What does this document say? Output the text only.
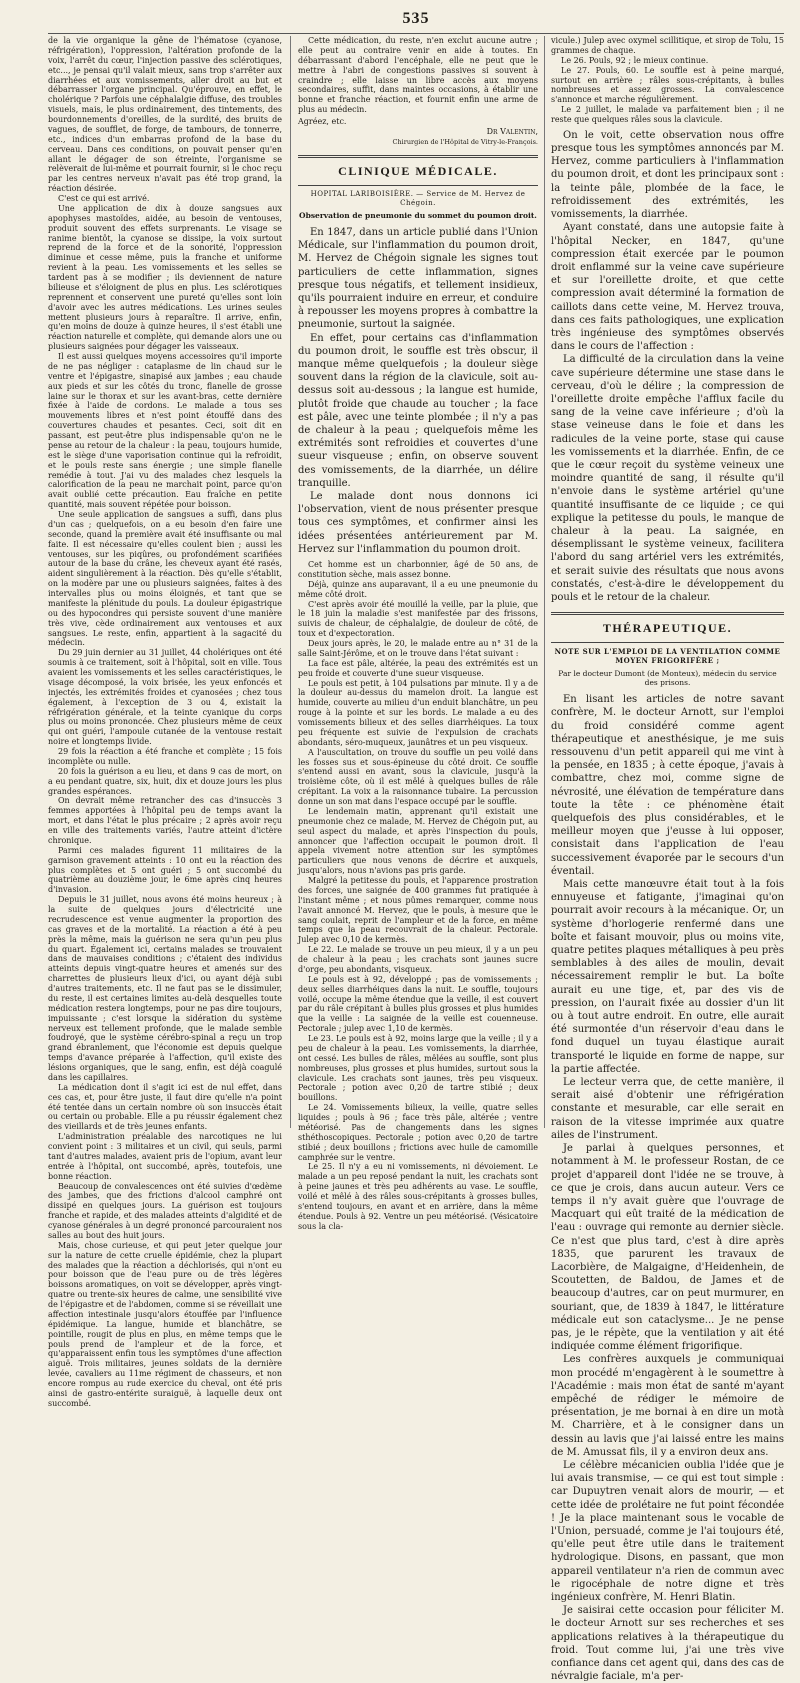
535

de la vie organique la gêne de l'hématose (cyanose, réfrigération), l'oppression, l'altération profonde de la voix, l'arrêt du cœur, l'injection passive des sclérotiques, etc..., je pensai qu'il valait mieux, sans trop s'arrêter aux diarrhées et aux vomissements, aller droit au but et débarrasser l'organe principal. Qu'éprouve, en effet, le cholérique ? Parfois une céphalalgie diffuse, des troubles visuels, mais, le plus ordinairement, des tintements, des bourdonnements d'oreilles, de la surdité, des bruits de vagues, de soufflet, de forge, de tambours, de tonnerre, etc., indices d'un embarras profond de la base du cerveau. Dans ces conditions, on pouvait penser qu'en allant le dégager de son étreinte, l'organisme se relèverait de lui-même et pourrait fournir, si le choc reçu par les centres nerveux n'avait pas été trop grand, la réaction désirée.

C'est ce qui est arrivé.

Une application de dix à douze sangsues aux apophyses mastoïdes, aidée, au besoin de ventouses, produit souvent des effets surprenants. Le visage se ranime bientôt, la cyanose se dissipe, la voix surtout reprend de la force et de la sonorité, l'oppression diminue et cesse même, puis la franche et uniforme revient à la peau. Les vomissements et les selles se tardent pas à se modifier ; ils deviennent de nature bilieuse et s'éloignent de plus en plus. Les sclérotiques reprennent et conservent une pureté qu'elles sont loin d'avoir avec les autres médications. Les urines seules mettent plusieurs jours à reparaître. Il arrive, enfin, qu'en moins de douze à quinze heures, il s'est établi une réaction naturelle et complète, qui demande alors une ou plusieurs saignées pour dégager les vaisseaux.

Il est aussi quelques moyens accessoires qu'il importe de ne pas négliger : cataplasme de lin chaud sur le ventre et l'épigastre, sinapisé aux jambes ; eau chaude aux pieds et sur les côtés du tronc, flanelle de grosse laine sur le thorax et sur les avant-bras, cette dernière fixée à l'aide de cordons. Le malade a tous ses mouvements libres et n'est point étouffé dans des couvertures chaudes et pesantes. Ceci, soit dit en passant, est peut-être plus indispensable qu'on ne le pense au retour de la chaleur : la peau, toujours humide, est le siège d'une vaporisation continue qui la refroidit, et le pouls reste sans énergie ; une simple flanelle remédie à tout. J'ai vu des malades chez lesquels la calorification de la peau ne marchait point, parce qu'on avait oublié cette précaution. Eau fraîche en petite quantité, mais souvent répétée pour boisson.

Une seule application de sangsues a suffi, dans plus d'un cas ; quelquefois, on a eu besoin d'en faire une seconde, quand la première avait été insuffisante ou mal faite. Il est nécessaire qu'elles coulent bien ; aussi les ventouses, sur les piqûres, ou profondément scarifiées autour de la base du crâne, les cheveux ayant été rasés, aident singulièrement à la réaction. Dès qu'elle s'établit, on la modère par une ou plusieurs saignées, faites à des intervalles plus ou moins éloignés, et tant que se manifeste la plénitude du pouls. La douleur épigastrique ou des hypocondres qui persiste souvent d'une manière très vive, cède ordinairement aux ventouses et aux sangsues. Le reste, enfin, appartient à la sagacité du médecin.

Du 29 juin dernier au 31 juillet, 44 cholériques ont été soumis à ce traitement, soit à l'hôpital, soit en ville. Tous avaient les vomissements et les selles caractéristiques, le visage décomposé, la voix brisée, les yeux enfoncés et injectés, les extrémités froides et cyanosées ; chez tous également, à l'exception de 3 ou 4, existait la réfrigération générale, et la teinte cyanique du corps plus ou moins prononcée. Chez plusieurs même de ceux qui ont guéri, l'ampoule cutanée de la ventouse restait noire et longtemps livide.

29 fois la réaction a été franche et complète ; 15 fois incomplète ou nulle.

20 fois la guérison a eu lieu, et dans 9 cas de mort, on a eu pendant quatre, six, huit, dix et douze jours les plus grandes espérances.

On devrait même retrancher des cas d'insuccès 3 femmes apportées à l'hôpital peu de temps avant la mort, et dans l'état le plus précaire ; 2 après avoir reçu en ville des traitements variés, l'autre atteint d'ictère chronique.

Parmi ces malades figurent 11 militaires de la garnison gravement atteints : 10 ont eu la réaction des plus complètes et 5 ont guéri ; 5 ont succombé du quatrième au douzième jour, le 6me après cinq heures d'invasion.

Depuis le 31 juillet, nous avons été moins heureux ; à la suite de quelques jours d'électricité une recrudescence est venue augmenter la proportion des cas graves et de la mortalité. La réaction a été à peu près la même, mais la guérison ne sera qu'un peu plus du quart. Également ici, certains malades se trouvaient dans de mauvaises conditions ; c'étaient des individus atteints depuis vingt-quatre heures et amenés sur des charrettes de plusieurs lieux d'ici, ou ayant déjà subi d'autres traitements, etc. Il ne faut pas se le dissimuler, du reste, il est certaines limites au-delà desquelles toute médication restera longtemps, pour ne pas dire toujours, impuissante ; c'est lorsque la sidération du système nerveux est tellement profonde, que le malade semble foudroyé, que le système cérébro-spinal a reçu un trop grand ébranlement, que l'économie est depuis quelque temps d'avance préparée à l'affection, qu'il existe des lésions organiques, que le sang, enfin, est déjà coagulé dans les capillaires.

La médication dont il s'agit ici est de nul effet, dans ces cas, et, pour être juste, il faut dire qu'elle n'a point été tentée dans un certain nombre où son insuccès était ou certain ou probable. Elle a pu réussir également chez des vieillards et de très jeunes enfants.

L'administration préalable des narcotiques ne lui convient point : 3 militaires et un civil, qui seuls, parmi tant d'autres malades, avaient pris de l'opium, avant leur entrée à l'hôpital, ont succombé, après, toutefois, une bonne réaction.

Beaucoup de convalescences ont été suivies d'œdème des jambes, que des frictions d'alcool camphré ont dissipé en quelques jours. La guérison est toujours franche et rapide, et des malades atteints d'algidité et de cyanose générales à un degré prononcé parcouraient nos salles au bout des huit jours.

Mais, chose curieuse, et qui peut jeter quelque jour sur la nature de cette cruelle épidémie, chez la plupart des malades que la réaction a déchlorisés, qui n'ont eu pour boisson que de l'eau pure ou de très légères boissons aromatiques, on voit se développer, après vingt-quatre ou trente-six heures de calme, une sensibilité vive de l'épigastre et de l'abdomen, comme si se réveillait une affection intestinale jusqu'alors étouffée par l'influence épidémique. La langue, humide et blanchâtre, se pointille, rougit de plus en plus, en même temps que le pouls prend de l'ampleur et de la force, et qu'apparaissent enfin tous les symptômes d'une affection aiguë. Trois militaires, jeunes soldats de la dernière levée, cavaliers au 11me régiment de chasseurs, et non encore rompus au rude exercice du cheval, ont été pris ainsi de gastro-entérite suraiguë, à laquelle deux ont succombé.

Cette médication, du reste, n'en exclut aucune autre ; elle peut au contraire venir en aide à toutes. En débarrassant d'abord l'encéphale, elle ne peut que le mettre à l'abri de congestions passives si souvent à craindre ; elle laisse un libre accès aux moyens secondaires, suffit, dans maintes occasions, à établir une bonne et franche réaction, et fournit enfin une arme de plus au médecin.

Agréez, etc.
Dr Valentin,
Chirurgien de l'Hôpital de Vitry-le-François.
CLINIQUE MÉDICALE.
HOPITAL LARIBOISIÈRE. — Service de M. Hervez de Chégoin.
Observation de pneumonie du sommet du poumon droit.

En 1847, dans un article publié dans l'Union Médicale, sur l'inflammation du poumon droit, M. Hervez de Chégoin signale les signes tout particuliers de cette inflammation, signes presque tous négatifs, et tellement insidieux, qu'ils pourraient induire en erreur, et conduire à repousser les moyens propres à combattre la pneumonie, surtout la saignée.

En effet, pour certains cas d'inflammation du poumon droit, le souffle est très obscur, il manque même quelquefois ; la douleur siège souvent dans la région de la clavicule, soit au-dessus soit au-dessous ; la langue est humide, plutôt froide que chaude au toucher ; la face est pâle, avec une teinte plombée ; il n'y a pas de chaleur à la peau ; quelquefois même les extrémités sont refroidies et couvertes d'une sueur visqueuse ; enfin, on observe souvent des vomissements, de la diarrhée, un délire tranquille.

Le malade dont nous donnons ici l'observation, vient de nous présenter presque tous ces symptômes, et confirmer ainsi les idées présentées antérieurement par M. Hervez sur l'inflammation du poumon droit.

Cet homme est un charbonnier, âgé de 50 ans, de constitution sèche, mais assez bonne.

Déjà, quinze ans auparavant, il a eu une pneumonie du même côté droit.

C'est après avoir été mouillé la veille, par la pluie, que le 18 juin la maladie s'est manifestée par des frissons, suivis de chaleur, de céphalalgie, de douleur de côté, de toux et d'expectoration.

Deux jours après, le 20, le malade entre au n° 31 de la salle Saint-Jérôme, et on le trouve dans l'état suivant :

La face est pâle, altérée, la peau des extrémités est un peu froide et couverte d'une sueur visqueuse.

Le pouls est petit, à 104 pulsations par minute. Il y a de la douleur au-dessus du mamelon droit. La langue est humide, couverte au milieu d'un enduit blanchâtre, un peu rouge à la pointe et sur les bords. Le malade a eu des vomissements bilieux et des selles diarrhéiques. La toux peu fréquente est suivie de l'expulsion de crachats abondants, séro-muqueux, jaunâtres et un peu visqueux.

A l'auscultation, on trouve du souffle un peu voilé dans les fosses sus et sous-épineuse du côté droit. Ce souffle s'entend aussi en avant, sous la clavicule, jusqu'à la troisième côte, où il est mêlé à quelques bulles de râle crépitant. La voix a la raisonnance tubaire. La percussion donne un son mat dans l'espace occupé par le souffle.

Le lendemain matin, apprenant qu'il existait une pneumonie chez ce malade, M. Hervez de Chégoin put, au seul aspect du malade, et après l'inspection du pouls, annoncer que l'affection occupait le poumon droit. Il appela vivement notre attention sur les symptômes particuliers que nous venons de décrire et auxquels, jusqu'alors, nous n'avions pas pris garde.

Malgré la petitesse du pouls, et l'apparence prostration des forces, une saignée de 400 grammes fut pratiquée à l'instant même ; et nous pûmes remarquer, comme nous l'avait annoncé M. Hervez, que le pouls, à mesure que le sang coulait, reprit de l'ampleur et de la force, en même temps que la peau recouvrait de la chaleur. Pectorale. Julep avec 0,10 de kermès.

Le 22. Le malade se trouve un peu mieux, il y a un peu de chaleur à la peau ; les crachats sont jaunes sucre d'orge, peu abondants, visqueux.

Le pouls est à 92, développé ; pas de vomissements ; deux selles diarrhéiques dans la nuit. Le souffle, toujours voilé, occupe la même étendue que la veille, il est couvert par du râle crépitant à bulles plus grosses et plus humides que la veille : La saignée de la veille est couenneuse. Pectorale ; julep avec 1,10 de kermès.

Le 23. Le pouls est à 92, moins large que la veille ; il y a peu de chaleur à la peau. Les vomissements, la diarrhée, ont cessé. Les bulles de râles, mêlées au souffle, sont plus nombreuses, plus grosses et plus humides, surtout sous la clavicule. Les crachats sont jaunes, très peu visqueux. Pectorale ; potion avec 0,20 de tartre stibié ; deux bouillons.

Le 24. Vomissements bilieux, la veille, quatre selles liquides ; pouls à 96 ; face très pâle, altérée ; ventre météorisé. Pas de changements dans les signes sthéthoscopiques. Pectorale ; potion avec 0,20 de tartre stibié ; deux bouillons ; frictions avec huile de camomille camphrée sur le ventre.

Le 25. Il n'y a eu ni vomissements, ni dévoiement. Le malade a un peu reposé pendant la nuit, les crachats sont à peine jaunes et très peu adhérents au vase. Le souffle, voilé et mêlé à des râles sous-crépitants à grosses bulles, s'entend toujours, en avant et en arrière, dans la même étendue. Pouls à 92. Ventre un peu météorisé. (Vésicatoire sous la cla-

vicule.) Julep avec oxymel scillitique, et sirop de Tolu, 15 grammes de chaque.

Le 26. Pouls, 92 ; le mieux continue.

Le 27. Pouls, 60. Le souffle est à peine marqué, surtout en arrière ; râles sous-crépitants, à bulles nombreuses et assez grosses. La convalescence s'annonce et marche régulièrement.

Le 2 juillet, le malade va parfaitement bien ; il ne reste que quelques râles sous la clavicule.

On le voit, cette observation nous offre presque tous les symptômes annoncés par M. Hervez, comme particuliers à l'inflammation du poumon droit, et dont les principaux sont : la teinte pâle, plombée de la face, le refroidissement des extrémités, les vomissements, la diarrhée.

Ayant constaté, dans une autopsie faite à l'hôpital Necker, en 1847, qu'une compression était exercée par le poumon droit enflammé sur la veine cave supérieure et sur l'oreillette droite, et que cette compression avait déterminé la formation de caillots dans cette veine, M. Hervez trouva, dans ces faits pathologiques, une explication très ingénieuse des symptômes observés dans le cours de l'affection :

La difficulté de la circulation dans la veine cave supérieure détermine une stase dans le cerveau, d'où le délire ; la compression de l'oreillette droite empêche l'afflux facile du sang de la veine cave inférieure ; d'où la stase veineuse dans le foie et dans les radicules de la veine porte, stase qui cause les vomissements et la diarrhée. Enfin, de ce que le cœur reçoit du système veineux une moindre quantité de sang, il résulte qu'il n'envoie dans le système artériel qu'une quantité insuffisante de ce liquide ; ce qui explique la petitesse du pouls, le manque de chaleur à la peau. La saignée, en désemplissant le système veineux, facilitera l'abord du sang artériel vers les extrémités, et serait suivie des résultats que nous avons constatés, c'est-à-dire le développement du pouls et le retour de la chaleur.

THÉRAPEUTIQUE.
NOTE SUR L'EMPLOI DE LA VENTILATION COMME MOYEN FRIGORIFÈRE ;
Par le docteur Dumont (de Monteux), médecin du service des prisons.

En lisant les articles de notre savant confrère, M. le docteur Arnott, sur l'emploi du froid considéré comme agent thérapeutique et anesthésique, je me suis ressouvenu d'un petit appareil qui me vint à la pensée, en 1835 ; à cette époque, j'avais à combattre, chez moi, comme signe de névrosité, une élévation de température dans toute la tête : ce phénomène était quelquefois des plus considérables, et le meilleur moyen que j'eusse à lui opposer, consistait dans l'application de l'eau successivement évaporée par le secours d'un éventail.

Mais cette manœuvre était tout à la fois ennuyeuse et fatigante, j'imaginai qu'on pourrait avoir recours à la mécanique. Or, un système d'horlogerie renfermé dans une boîte et faisant mouvoir, plus ou moins vite, quatre petites plaques métalliques à peu près semblables à des ailes de moulin, devait nécessairement remplir le but. La boîte aurait eu une tige, et, par des vis de pression, on l'aurait fixée au dossier d'un lit ou à tout autre endroit. En outre, elle aurait été surmontée d'un réservoir d'eau dans le fond duquel un tuyau élastique aurait transporté le liquide en forme de nappe, sur la partie affectée.

Le lecteur verra que, de cette manière, il serait aisé d'obtenir une réfrigération constante et mesurable, car elle serait en raison de la vitesse imprimée aux quatre ailes de l'instrument.

Je parlai à quelques personnes, et notamment à M. le professeur Rostan, de ce projet d'appareil dont l'idée ne se trouve, à ce que je crois, dans aucun auteur. Vers ce temps il n'y avait guère que l'ouvrage de Macquart qui eût traité de la médication de l'eau : ouvrage qui remonte au dernier siècle. Ce n'est que plus tard, c'est à dire après 1835, que parurent les travaux de Lacorbière, de Malgaigne, d'Heidenhein, de Scoutetten, de Baldou, de James et de beaucoup d'autres, car on peut murmurer, en souriant, que, de 1839 à 1847, le littérature médicale eut son cataclysme... Je ne pense pas, je le répète, que la ventilation y ait été indiquée comme élément frigorifique.

Les confrères auxquels je communiquai mon procédé m'engagèrent à le soumettre à l'Académie : mais mon état de santé m'ayant empêché de rédiger le mémoire de présentation, je me bornai à en dire un motà M. Charrière, et à le consigner dans un dessin au lavis que j'ai laissé entre les mains de M. Amussat fils, il y a environ deux ans.

Le célèbre mécanicien oublia l'idée que je lui avais transmise, — ce qui est tout simple : car Dupuytren venait alors de mourir, — et cette idée de prolétaire ne fut point fécondée ! Je la place maintenant sous le vocable de l'Union, persuadé, comme je l'ai toujours été, qu'elle peut être utile dans le traitement hydrologique. Disons, en passant, que mon appareil ventilateur n'a rien de commun avec le rigocéphale de notre digne et très ingénieux confrère, M. Henri Blatin.

Je saisirai cette occasion pour féliciter M. le docteur Arnott sur ses recherches et ses applications relatives à la thérapeutique du froid. Tout comme lui, j'ai une très vive confiance dans cet agent qui, dans des cas de névralgie faciale, m'a per-
